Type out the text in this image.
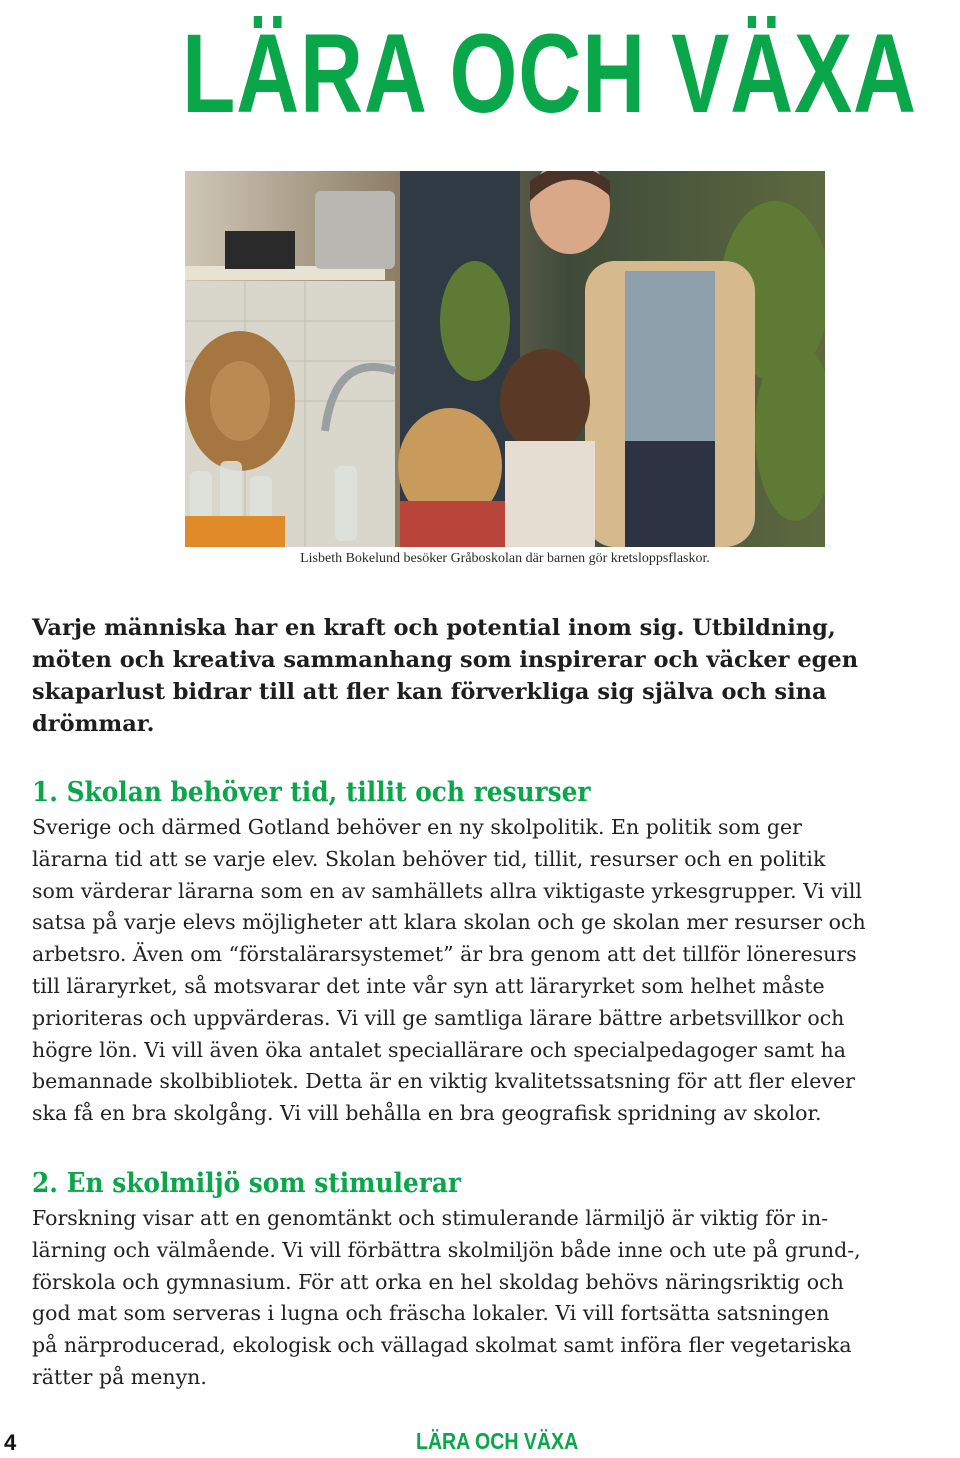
LÄRA OCH VÄXA
Lisbeth Bokelund besöker Gråboskolan där barnen gör kretsloppsflaskor.

Varje människa har en kraft och potential inom sig. Utbildning,
möten och kreativa sammanhang som inspirerar och väcker egen
skaparlust bidrar till att fler kan förverkliga sig själva och sina
drömmar.

1. Skolan behöver tid, tillit och resurser

Sverige och därmed Gotland behöver en ny skolpolitik. En politik som ger
lärarna tid att se varje elev. Skolan behöver tid, tillit, resurser och en politik
som värderar lärarna som en av samhällets allra viktigaste yrkesgrupper. Vi vill
satsa på varje elevs möjligheter att klara skolan och ge skolan mer resurser och
arbetsro. Även om “förstalärarsystemet” är bra genom att det tillför löneresurs
till läraryrket, så motsvarar det inte vår syn att läraryrket som helhet måste
prioriteras och uppvärderas. Vi vill ge samtliga lärare bättre arbetsvillkor och
högre lön. Vi vill även öka antalet speciallärare och specialpedagoger samt ha
bemannade skolbibliotek. Detta är en viktig kvalitetssatsning för att fler elever
ska få en bra skolgång. Vi vill behålla en bra geografisk spridning av skolor.

2. En skolmiljö som stimulerar

Forskning visar att en genomtänkt och stimulerande lärmiljö är viktig för in-
lärning och välmående. Vi vill förbättra skolmiljön både inne och ute på grund-,
förskola och gymnasium. För att orka en hel skoldag behövs näringsriktig och
god mat som serveras i lugna och fräscha lokaler. Vi vill fortsätta satsningen
på närproducerad, ekologisk och vällagad skolmat samt införa fler vegetariska
rätter på menyn.

4	LÄRA OCH VÄXA
